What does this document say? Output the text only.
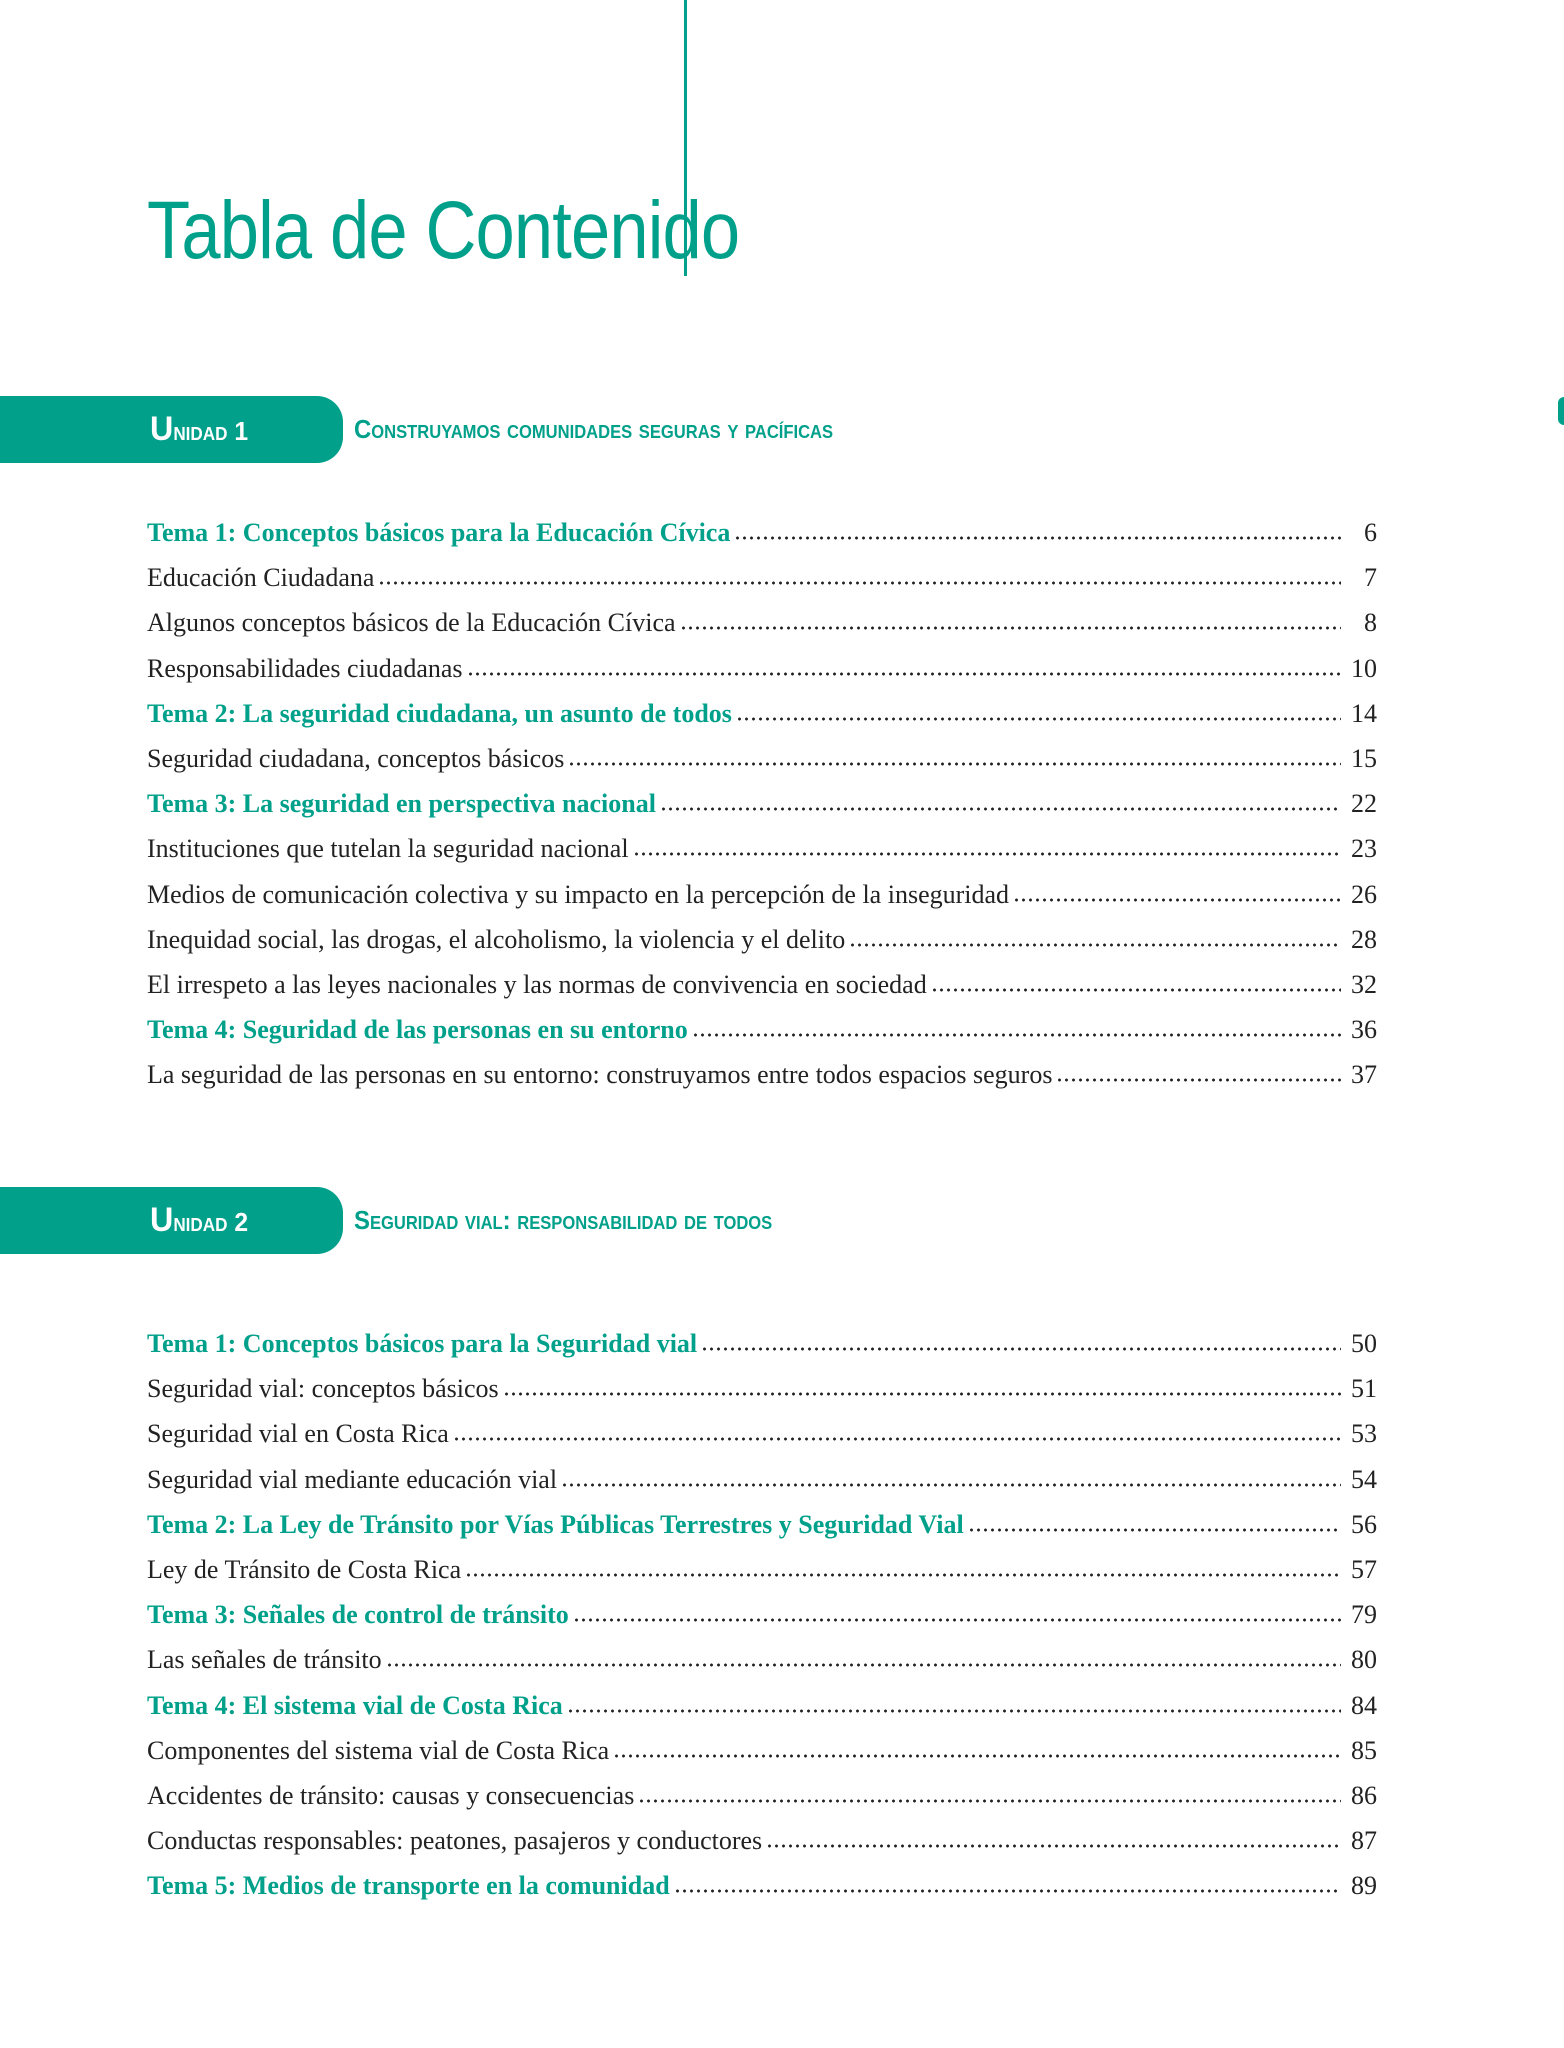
Tabla de Contenido
Unidad 1	Construyamos comunidades seguras y pacíficas
Tema 1: Conceptos básicos para la Educación Cívica	6
Educación Ciudadana	7
Algunos conceptos básicos de la Educación Cívica	8
Responsabilidades ciudadanas	10
Tema 2: La seguridad ciudadana, un asunto de todos	14
Seguridad ciudadana, conceptos básicos	15
Tema 3: La seguridad en perspectiva nacional	22
Instituciones que tutelan la seguridad nacional	23
Medios de comunicación colectiva y su impacto en la percepción de la inseguridad	26
Inequidad social, las drogas, el alcoholismo, la violencia y el delito	28
El irrespeto a las leyes nacionales y las normas de convivencia en sociedad	32
Tema 4: Seguridad de las personas en su entorno	36
La seguridad de las personas en su entorno: construyamos entre todos espacios seguros	37
Unidad 2	Seguridad vial: responsabilidad de todos
Tema 1: Conceptos básicos para la Seguridad vial	50
Seguridad vial: conceptos básicos	51
Seguridad vial en Costa Rica	53
Seguridad vial mediante educación vial	54
Tema 2: La Ley de Tránsito por Vías Públicas Terrestres y Seguridad Vial	56
Ley de Tránsito de Costa Rica	57
Tema 3: Señales de control de tránsito	79
Las señales de tránsito	80
Tema 4: El sistema vial de Costa Rica	84
Componentes del sistema vial de Costa Rica	85
Accidentes de tránsito: causas y consecuencias	86
Conductas responsables: peatones, pasajeros y conductores	87
Tema 5: Medios de transporte en la comunidad	89
